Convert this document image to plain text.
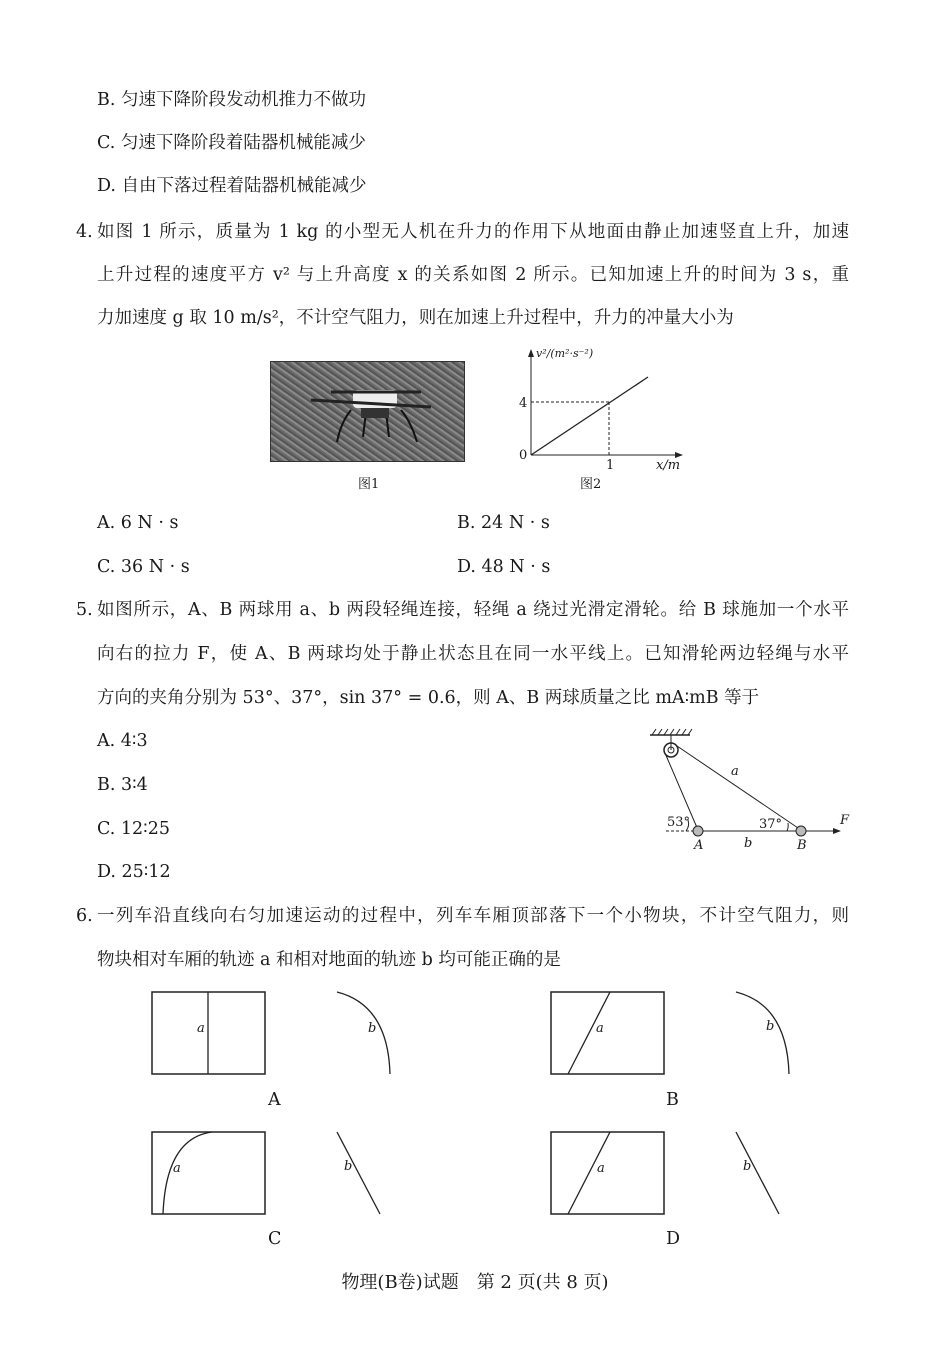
B. 匀速下降阶段发动机推力不做功
C. 匀速下降阶段着陆器机械能减少
D. 自由下落过程着陆器机械能减少
4. 如图 1 所示，质量为 1 kg 的小型无人机在升力的作用下从地面由静止加速竖直上升，加速
上升过程的速度平方 v² 与上升高度 x 的关系如图 2 所示。已知加速上升的时间为 3 s，重
力加速度 g 取 10 m/s²，不计空气阻力，则在加速上升过程中，升力的冲量大小为
图1
v²/(m²·s⁻²)
4
0
1	x/m
图2
A. 6 N · s	B. 24 N · s
C. 36 N · s	D. 48 N · s
5. 如图所示，A、B 两球用 a、b 两段轻绳连接，轻绳 a 绕过光滑定滑轮。给 B 球施加一个水平
向右的拉力 F，使 A、B 两球均处于静止状态且在同一水平线上。已知滑轮两边轻绳与水平
方向的夹角分别为 53°、37°，sin 37° = 0.6，则 A、B 两球质量之比 mA∶mB 等于
A. 4∶3
B. 3∶4
C. 12∶25
D. 25∶12
a
53°	37°	F
A	b	B
6. 一列车沿直线向右匀加速运动的过程中，列车车厢顶部落下一个小物块，不计空气阻力，则
物块相对车厢的轨迹 a 和相对地面的轨迹 b 均可能正确的是
a	b	a	b
a	b	a	b
A	B
C	D
物理(B卷)试题　第 2 页(共 8 页)
